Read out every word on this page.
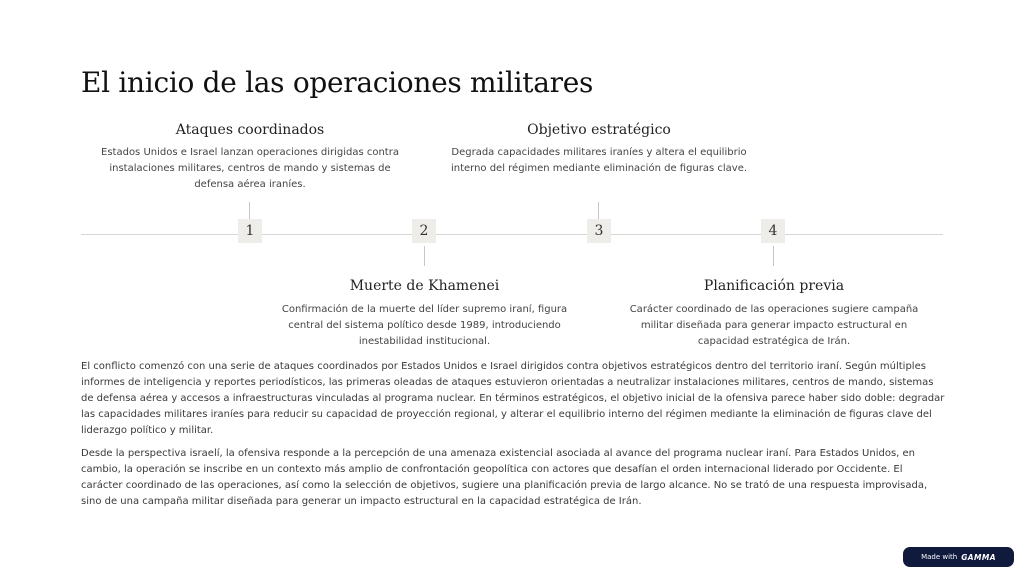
El inicio de las operaciones militares
Ataques coordinados
Estados Unidos e Israel lanzan operaciones dirigidas contra instalaciones militares, centros de mando y sistemas de defensa aérea iraníes.
Objetivo estratégico
Degrada capacidades militares iraníes y altera el equilibrio interno del régimen mediante eliminación de figuras clave.
1	2	3	4
Muerte de Khamenei
Confirmación de la muerte del líder supremo iraní, figura central del sistema político desde 1989, introduciendo inestabilidad institucional.
Planificación previa
Carácter coordinado de las operaciones sugiere campaña militar diseñada para generar impacto estructural en capacidad estratégica de Irán.

El conflicto comenzó con una serie de ataques coordinados por Estados Unidos e Israel dirigidos contra objetivos estratégicos dentro del territorio iraní. Según múltiples informes de inteligencia y reportes periodísticos, las primeras oleadas de ataques estuvieron orientadas a neutralizar instalaciones militares, centros de mando, sistemas de defensa aérea y accesos a infraestructuras vinculadas al programa nuclear. En términos estratégicos, el objetivo inicial de la ofensiva parece haber sido doble: degradar las capacidades militares iraníes para reducir su capacidad de proyección regional, y alterar el equilibrio interno del régimen mediante la eliminación de figuras clave del liderazgo político y militar.

Desde la perspectiva israelí, la ofensiva responde a la percepción de una amenaza existencial asociada al avance del programa nuclear iraní. Para Estados Unidos, en cambio, la operación se inscribe en un contexto más amplio de confrontación geopolítica con actores que desafían el orden internacional liderado por Occidente. El carácter coordinado de las operaciones, así como la selección de objetivos, sugiere una planificación previa de largo alcance. No se trató de una respuesta improvisada, sino de una campaña militar diseñada para generar un impacto estructural en la capacidad estratégica de Irán.

Made with GAMMA
